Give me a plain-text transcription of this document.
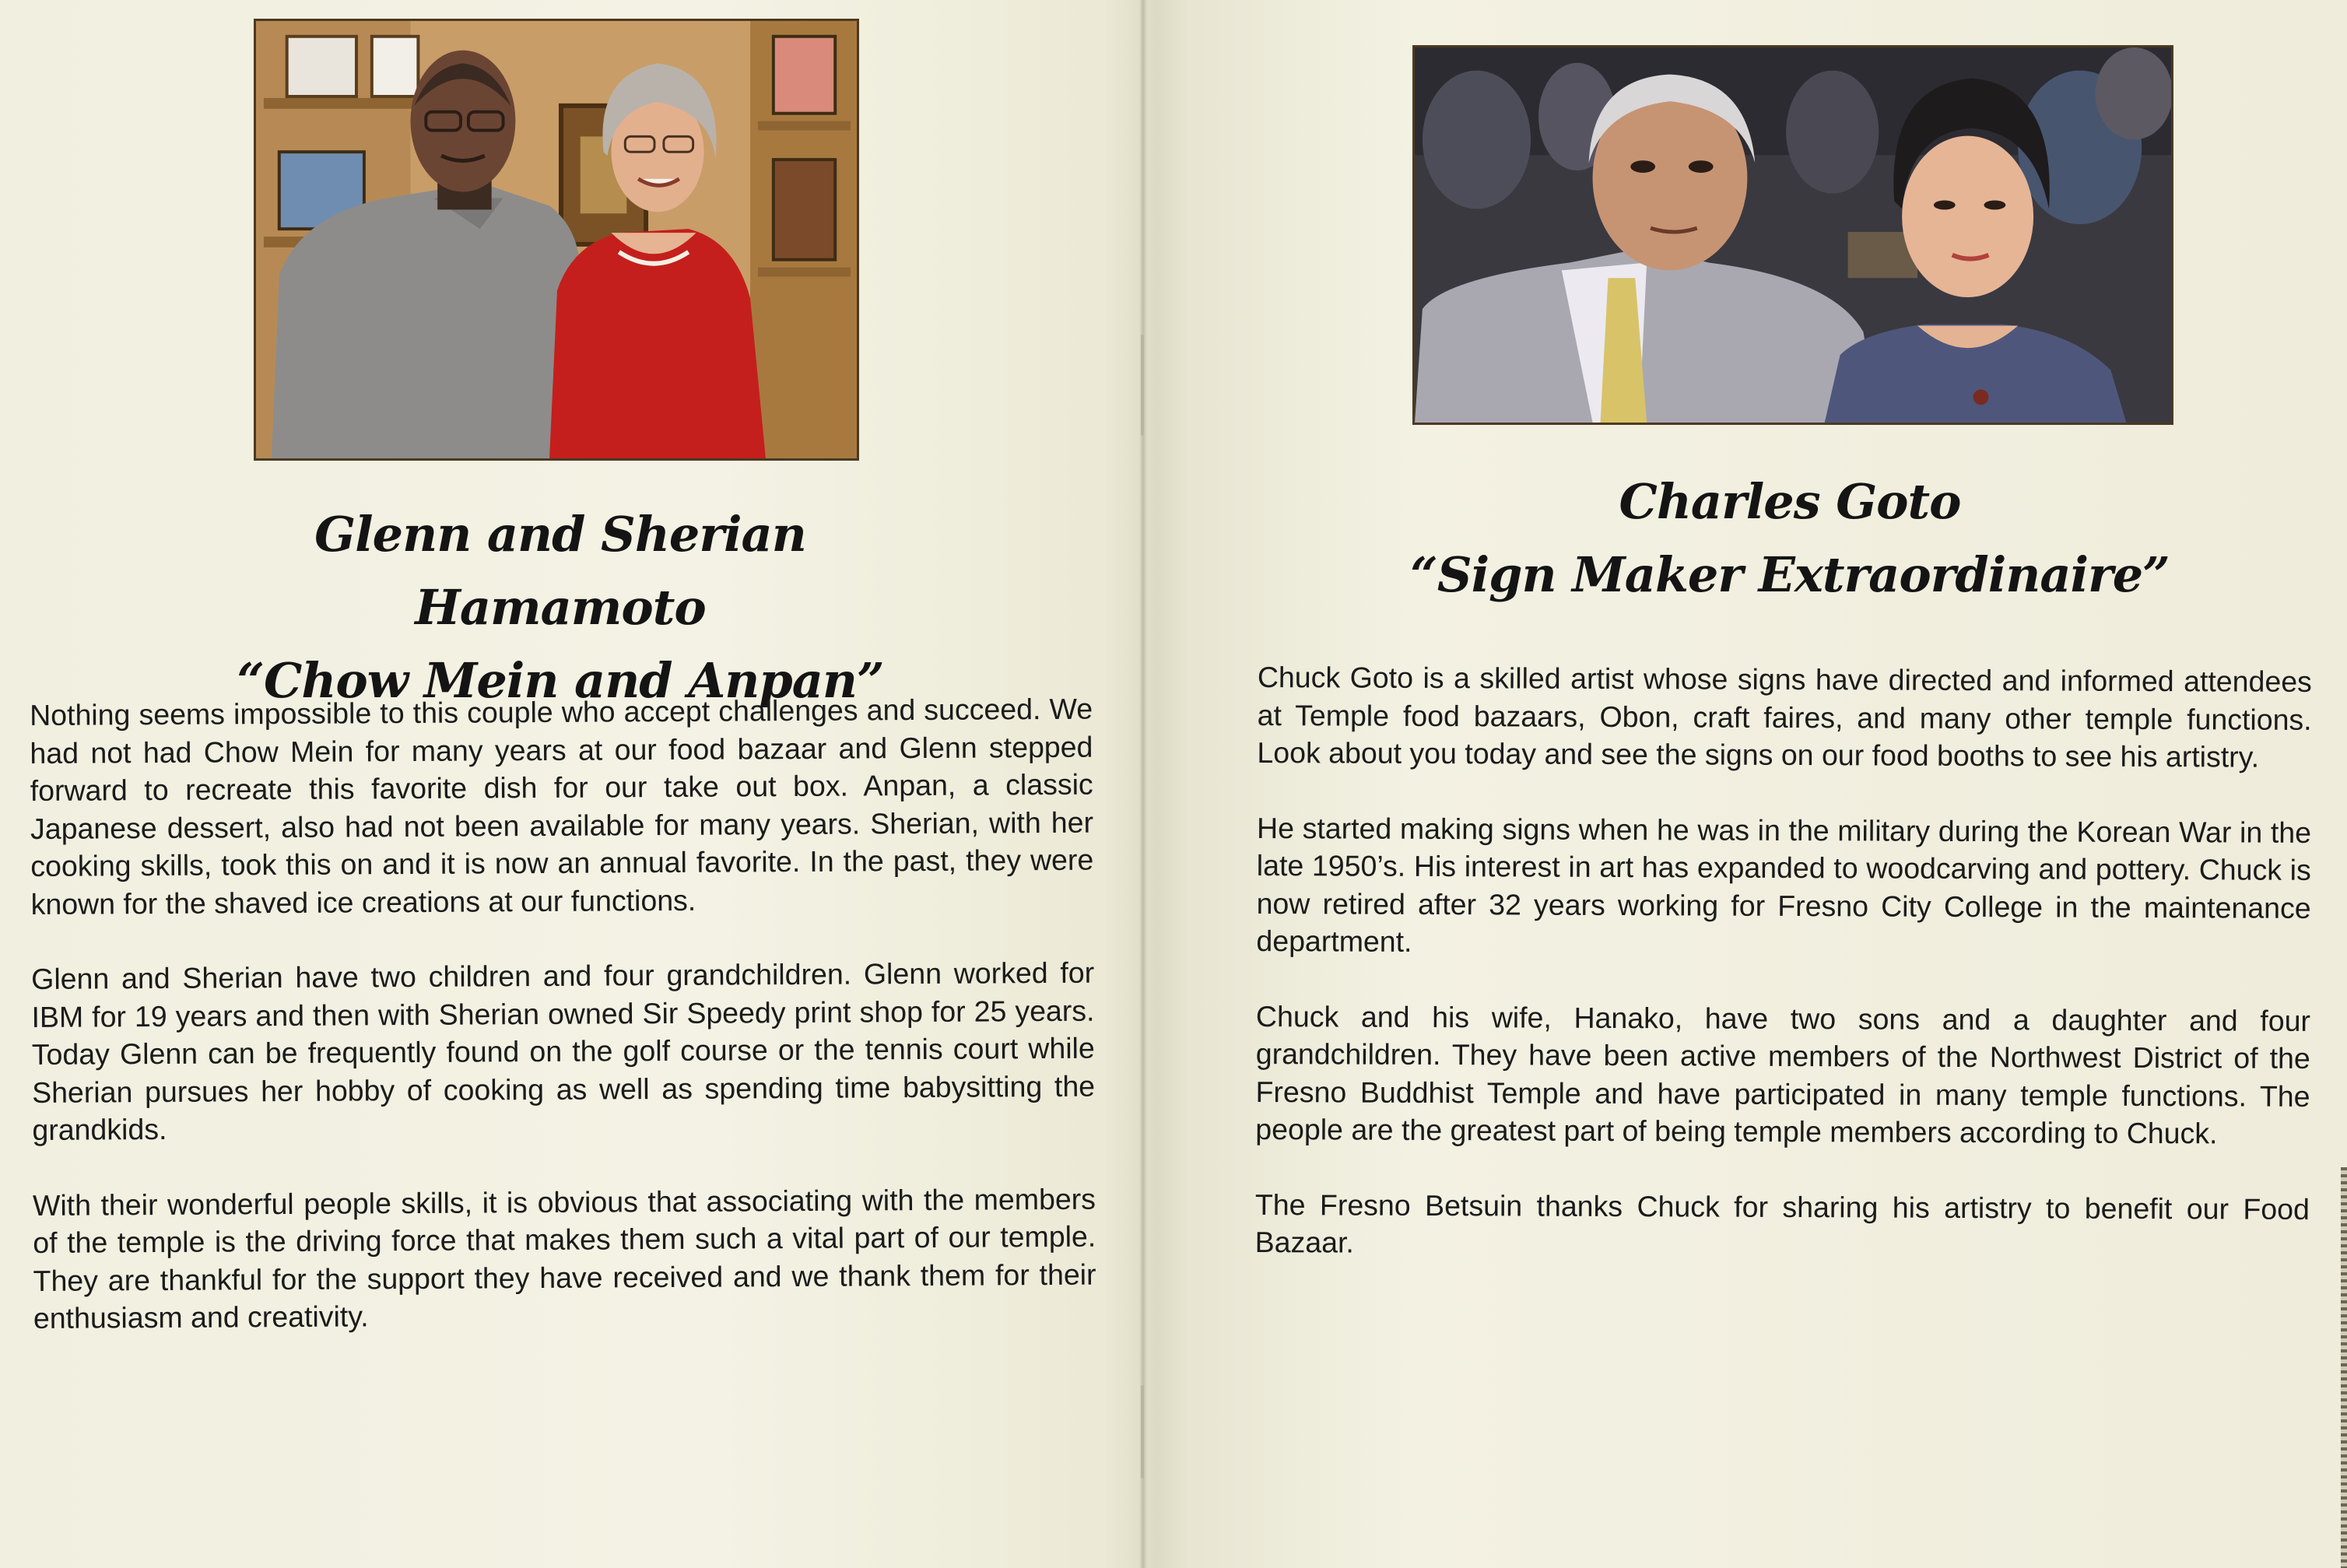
Glenn and Sherian Hamamoto
“Chow Mein and Anpan”

Nothing seems impossible to this couple who accept challenges and succeed. We had not had Chow Mein for many years at our food bazaar and Glenn stepped forward to recreate this favorite dish for our take out box. Anpan, a classic Japanese dessert, also had not been available for many years. Sherian, with her cooking skills, took this on and it is now an annual favorite. In the past, they were known for the shaved ice creations at our functions.

Glenn and Sherian have two children and four grandchildren. Glenn worked for IBM for 19 years and then with Sherian owned Sir Speedy print shop for 25 years. Today Glenn can be frequently found on the golf course or the tennis court while Sherian pursues her hobby of cooking as well as spending time babysitting the grandkids.

With their wonderful people skills, it is obvious that associating with the members of the temple is the driving force that makes them such a vital part of our temple. They are thankful for the support they have received and we thank them for their enthusiasm and creativity.

Charles Goto
“Sign Maker Extraordinaire”

Chuck Goto is a skilled artist whose signs have directed and informed attendees at Temple food bazaars, Obon, craft faires, and many other temple functions. Look about you today and see the signs on our food booths to see his artistry.

He started making signs when he was in the military during the Korean War in the late 1950’s. His interest in art has expanded to woodcarving and pottery. Chuck is now retired after 32 years working for Fresno City College in the maintenance department.

Chuck and his wife, Hanako, have two sons and a daughter and four grandchildren. They have been active members of the Northwest District of the Fresno Buddhist Temple and have participated in many temple functions. The people are the greatest part of being temple members according to Chuck.

The Fresno Betsuin thanks Chuck for sharing his artistry to benefit our Food Bazaar.
